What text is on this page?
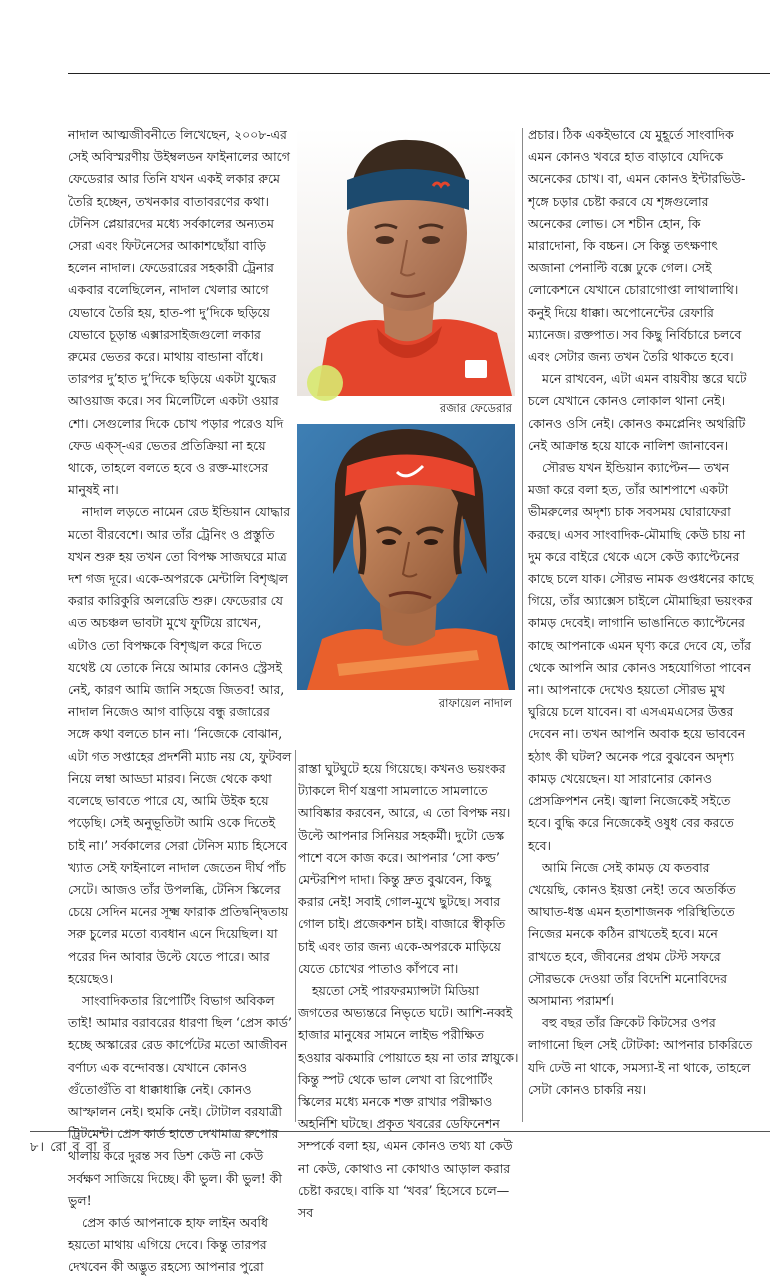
নাদাল আত্মজীবনীতে লিখেছেন, ২০০৮-এর সেই অবিস্মরণীয় উইম্বলডন ফাইনালের আগে ফেডেরার আর তিনি যখন একই লকার রুমে তৈরি হচ্ছেন, তখনকার বাতাবরণের কথা। টেনিস প্লেয়ারদের মধ্যে সর্বকালের অন্যতম সেরা এবং ফিটনেসের আকাশছোঁয়া বাড়ি হলেন নাদাল। ফেডেরারের সহকারী ট্রেনার একবার বলেছিলেন, নাদাল খেলার আগে যেভাবে তৈরি হয়, হাত-পা দু’দিকে ছড়িয়ে যেভাবে চূড়ান্ত এক্সারসাইজগুলো লকার রুমের ভেতর করে। মাথায় বান্ডানা বাঁধে। তারপর দু’হাত দু’দিকে ছড়িয়ে একটা যুদ্ধের আওয়াজ করে। সব মিলেটিলে একটা ওয়ার শো। সেগুলোর দিকে চোখ পড়ার পরেও যদি ফেড এক্স্-এর ভেতর প্রতিক্রিয়া না হয়ে থাকে, তাহলে বলতে হবে ও রক্ত-মাংসের মানুষই না।

নাদাল লড়তে নামেন রেড ইন্ডিয়ান যোদ্ধার মতো বীরবেশে। আর তাঁর ট্রেনিং ও প্রস্তুতি যখন শুরু হয় তখন তো বিপক্ষ সাজঘরে মাত্র দশ গজ দূরে। একে-অপরকে মেন্টালি বিশৃঙ্খল করার কারিকুরি অলরেডি শুরু। ফেডেরার যে এত অচঞ্চল ভাবটা মুখে ফুটিয়ে রাখেন, এটাও তো বিপক্ষকে বিশৃঙ্খল করে দিতে যথেষ্ট যে তোকে নিয়ে আমার কোনও স্ট্রেসই নেই, কারণ আমি জানি সহজে জিতব! আর, নাদাল নিজেও আগ বাড়িয়ে বন্ধু রজারের সঙ্গে কথা বলতে চান না। ‘নিজেকে বোঝান, এটা গত সপ্তাহের প্রদর্শনী ম্যাচ নয় যে, ফুটবল নিয়ে লম্বা আড্ডা মারব। নিজে থেকে কথা বলেছে ভাবতে পারে যে, আমি উইক হয়ে পড়েছি। সেই অনুভূতিটা আমি ওকে দিতেই চাই না।’ সর্বকালের সেরা টেনিস ম্যাচ হিসেবে খ্যাত সেই ফাইনালে নাদাল জেতেন দীর্ঘ পাঁচ সেটে। আজও তাঁর উপলব্ধি, টেনিস স্কিলের চেয়ে সেদিন মনের সূক্ষ্ম ফারাক প্রতিদ্বন্দ্বিতায় সরু চুলের মতো ব্যবধান এনে দিয়েছিল। যা পরের দিন আবার উল্টে যেতে পারে। আর হয়েছেও।

সাংবাদিকতার রিপোর্টিং বিভাগ অবিকল তাই! আমার বরাবরের ধারণা ছিল ‘প্রেস কার্ড’ হচ্ছে অস্কারের রেড কার্পেটের মতো আজীবন বর্ণাঢ্য এক বন্দোবস্ত। যেখানে কোনও গুঁতোগুঁতি বা ধাক্কাধাক্কি নেই। কোনও আস্ফালন নেই। হুমকি নেই। টোটাল বরযাত্রী ট্রিটমেন্ট। প্রেস কার্ড হাতে দেখামাত্র রুপোর থালায় করে দুরন্ত সব ডিশ কেউ না কেউ সর্বক্ষণ সাজিয়ে দিচ্ছে। কী ভুল। কী ভুল! কী ভুল!

প্রেস কার্ড আপনাকে হাফ লাইন অবধি হয়তো মাথায় এগিয়ে দেবে। কিন্তু তারপর দেখবেন কী অদ্ভুত রহস্যে আপনার পুরো

রজার ফেডেরার
রাফায়েল নাদাল

রাস্তা ঘুটঘুটে হয়ে গিয়েছে। কখনও ভয়ংকর ট্যাকলে দীর্ণ যন্ত্রণা সামলাতে সামলাতে আবিষ্কার করবেন, আরে, এ তো বিপক্ষ নয়। উল্টে আপনার সিনিয়র সহকর্মী। দুটো ডেস্ক পাশে বসে কাজ করে। আপনার ‘সো কল্ড’ মেন্টরশিপ দাদা। কিন্তু দ্রুত বুঝবেন, কিছু করার নেই! সবাই গোল-মুখে ছুটছে। সবার গোল চাই। প্রজেকশন চাই। বাজারে স্বীকৃতি চাই এবং তার জন্য একে-অপরকে মাড়িয়ে যেতে চোখের পাতাও কাঁপবে না।

হয়তো সেই পারফরম্যান্সটা মিডিয়া জগতের অভ্যন্তরে নিভৃতে ঘটে। আশি-নব্বই হাজার মানুষের সামনে লাইভ পরীক্ষিত হওয়ার ঝকমারি পোয়াতে হয় না তার স্নায়ুকে। কিন্তু স্পট থেকে ভাল লেখা বা রিপোর্টিং স্কিলের মধ্যে মনকে শক্ত রাখার পরীক্ষাও অহর্নিশি ঘটছে। প্রকৃত খবরের ডেফিনেশন সম্পর্কে বলা হয়, এমন কোনও তথ্য যা কেউ না কেউ, কোথাও না কোথাও আড়াল করার চেষ্টা করছে। বাকি যা ‘খবর’ হিসেবে চলে— সব

প্রচার। ঠিক একইভাবে যে মুহূর্তে সাংবাদিক এমন কোনও খবরে হাত বাড়াবে যেদিকে অনেকের চোখ। বা, এমন কোনও ইন্টারভিউ-শৃঙ্গে চড়ার চেষ্টা করবে যে শৃঙ্গগুলোর অনেকের লোভ। সে শচীন হোন, কি মারাদোনা, কি বচ্চন। সে কিন্তু তৎক্ষণাৎ অজানা পেনাল্টি বক্সে ঢুকে গেল। সেই লোকেশনে যেখানে চোরাগোপ্তা লাথালাথি। কনুই দিয়ে ধাক্কা। অপোনেন্টের রেফারি ম্যানেজ। রক্তপাত। সব কিছু নির্বিচারে চলবে এবং সেটার জন্য তখন তৈরি থাকতে হবে।

মনে রাখবেন, এটা এমন বায়বীয় স্তরে ঘটে চলে যেখানে কোনও লোকাল থানা নেই। কোনও ওসি নেই। কোনও কমপ্লেনিং অথরিটি নেই আক্রান্ত হয়ে যাকে নালিশ জানাবেন।

সৌরভ যখন ইন্ডিয়ান ক্যাপ্টেন— তখন মজা করে বলা হত, তাঁর আশপাশে একটা ভীমরুলের অদৃশ্য চাক সবসময় ঘোরাফেরা করছে। এসব সাংবাদিক-মৌমাছি কেউ চায় না দুম করে বাইরে থেকে এসে কেউ ক্যাপ্টেনের কাছে চলে যাক। সৌরভ নামক গুপ্তধনের কাছে গিয়ে, তাঁর অ্যাক্সেস চাইলে মৌমাছিরা ভয়ংকর কামড় দেবেই। লাগানি ভাঙানিতে ক্যাপ্টেনের কাছে আপনাকে এমন ঘৃণ্য করে দেবে যে, তাঁর থেকে আপনি আর কোনও সহযোগিতা পাবেন না। আপনাকে দেখেও হয়তো সৌরভ মুখ ঘুরিয়ে চলে যাবেন। বা এসএমএসের উত্তর দেবেন না। তখন আপনি অবাক হয়ে ভাববেন হঠাৎ কী ঘটল? অনেক পরে বুঝবেন অদৃশ্য কামড় খেয়েছেন। যা সারানোর কোনও প্রেসক্রিপশন নেই। জ্বালা নিজেকেই সইতে হবে। বুদ্ধি করে নিজেকেই ওষুধ বের করতে হবে।

আমি নিজে সেই কামড় যে কতবার খেয়েছি, কোনও ইয়ত্তা নেই! তবে অতর্কিত আঘাত-ধস্ত এমন হতাশাজনক পরিস্থিতিতে নিজের মনকে কঠিন রাখতেই হবে। মনে রাখতে হবে, জীবনের প্রথম টেস্ট সফরে সৌরভকে দেওয়া তাঁর বিদেশি মনোবিদের অসামান্য পরামর্শ।

বহু বছর তাঁর ক্রিকেট কিটসের ওপর লাগানো ছিল সেই টোটকা: আপনার চাকরিতে যদি ঢেউ না থাকে, সমস্যা-ই না থাকে, তাহলে সেটা কোনও চাকরি নয়।

৮। রো ব বা র
